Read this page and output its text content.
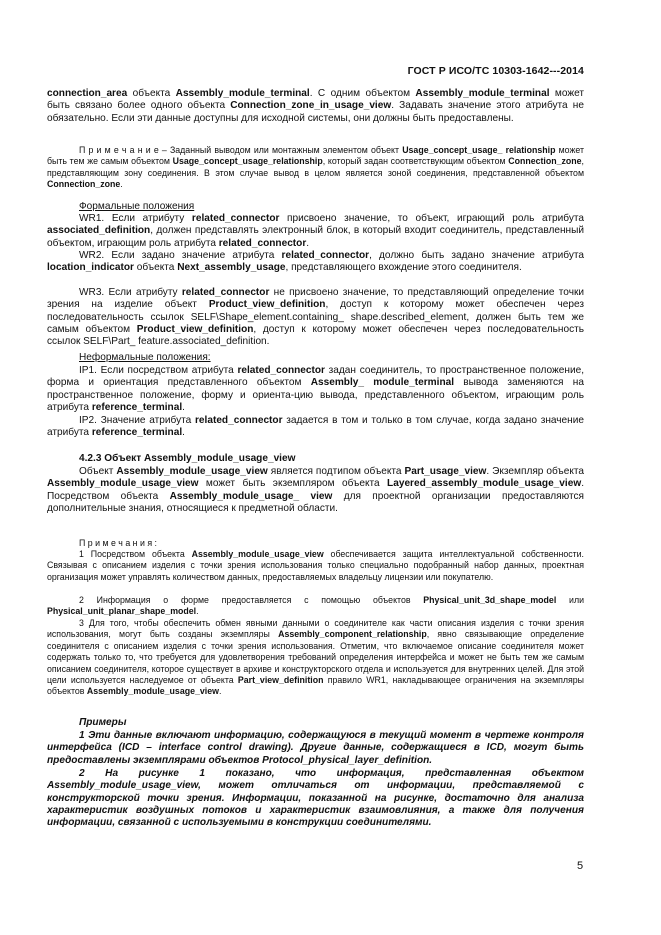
ГОСТ Р ИСО/ТС 10303-1642---2014
connection_area объекта Assembly_module_terminal. С одним объектом Assembly_module_terminal может быть связано более одного объекта Connection_zone_in_usage_view. Задавать значение этого атрибута не обязательно. Если эти данные доступны для исходной системы, они должны быть предоставлены.
П р и м е ч а н и е – Заданный выводом или монтажным элементом объект Usage_concept_usage_ relationship может быть тем же самым объектом Usage_concept_usage_relationship, который задан соответствующим объектом Connection_zone, представляющим зону соединения. В этом случае вывод в целом является зоной соединения, представленной объектом Connection_zone.
Формальные положения
WR1. Если атрибуту related_connector присвоено значение, то объект, играющий роль атрибута associated_definition, должен представлять электронный блок, в который входит соединитель, представленный объектом, играющим роль атрибута related_connector.
WR2. Если задано значение атрибута related_connector, должно быть задано значение атрибута location_indicator объекта Next_assembly_usage, представляющего вхождение этого соединителя.
WR3. Если атрибуту related_connector не присвоено значение, то представляющий определение точки зрения на изделие объект Product_view_definition, доступ к которому может обеспечен через последовательность ссылок SELF\Shape_element.containing_ shape.described_element, должен быть тем же самым объектом Product_view_definition, доступ к которому может обеспечен через последовательность ссылок SELF\Part_ feature.associated_definition.
Неформальные положения:
IP1. Если посредством атрибута related_connector задан соединитель, то пространственное положение, форма и ориентация представленного объектом Assembly_ module_terminal вывода заменяются на пространственное положение, форму и ориента-цию вывода, представленного объектом, играющим роль атрибута reference_terminal.
IP2. Значение атрибута related_connector задается в том и только в том случае, когда задано значение атрибута reference_terminal.
4.2.3 Объект Assembly_module_usage_view
Объект Assembly_module_usage_view является подтипом объекта Part_usage_view. Экземпляр объекта Assembly_module_usage_view может быть экземпляром объекта Layered_assembly_module_usage_view. Посредством объекта Assembly_module_usage_ view для проектной организации предоставляются дополнительные знания, относящиеся к предметной области.
П р и м е ч а н и я :
1 Посредством объекта Assembly_module_usage_view обеспечивается защита интеллектуальной собственности. Связывая с описанием изделия с точки зрения использования только специально подобранный набор данных, проектная организация может управлять количеством данных, предоставляемых владельцу лицензии или покупателю.
2 Информация о форме предоставляется с помощью объектов Physical_unit_3d_shape_model или Physical_unit_planar_shape_model.
3 Для того, чтобы обеспечить обмен явными данными о соединителе как части описания изделия с точки зрения использования, могут быть созданы экземпляры Assembly_component_relationship, явно связывающие определение соединителя с описанием изделия с точки зрения использования. Отметим, что включаемое описание соединителя может содержать только то, что требуется для удовлетворения требований определения интерфейса и может не быть тем же самым описанием соединителя, которое существует в архиве и конструкторского отдела и используется для внутренних целей. Для этой цели используется наследуемое от объекта Part_view_definition правило WR1, накладывающее ограничения на экземпляры объектов Assembly_module_usage_view.
Примеры
1 Эти данные включают информацию, содержащуюся в текущий момент в чертеже контроля интерфейса (ICD – interface control drawing). Другие данные, содержащиеся в ICD, могут быть предоставлены экземплярами объектов Protocol_physical_layer_definition.
2 На рисунке 1 показано, что информация, представленная объектом Assembly_module_usage_view, может отличаться от информации, представляемой с конструкторской точки зрения. Информации, показанной на рисунке, достаточно для анализа характеристик воздушных потоков и характеристик взаимовлияния, а также для получения информации, связанной с используемыми в конструкции соединителями.
5
